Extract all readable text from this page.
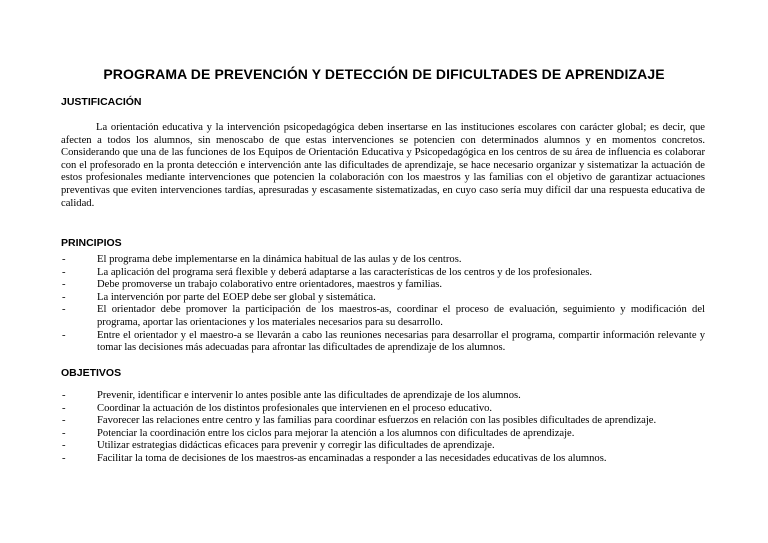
PROGRAMA DE PREVENCIÓN Y DETECCIÓN DE DIFICULTADES DE APRENDIZAJE
JUSTIFICACIÓN

La orientación educativa y la intervención psicopedagógica deben insertarse en las instituciones escolares con carácter global; es decir, que afecten a todos los alumnos, sin menoscabo de que estas intervenciones se potencien con determinados alumnos y en momentos concretos. Considerando que una de las funciones de los Equipos de Orientación Educativa y Psicopedagógica en los centros de su área de influencia es colaborar con el profesorado en la pronta detección e intervención ante las dificultades de aprendizaje, se hace necesario organizar y sistematizar la actuación de estos profesionales mediante intervenciones que potencien la colaboración con los maestros y las familias con el objetivo de garantizar actuaciones preventivas que eviten intervenciones tardías, apresuradas y escasamente sistematizadas, en cuyo caso sería muy difícil dar una respuesta educativa de calidad.

PRINCIPIOS
- El programa debe implementarse en la dinámica habitual de las aulas y de los centros.
- La aplicación del programa será flexible y deberá adaptarse a las características de los centros y de los profesionales.
- Debe promoverse un trabajo colaborativo entre orientadores, maestros y familias.
- La intervención por parte del EOEP debe ser global y sistemática.
- El orientador debe promover la participación de los maestros-as, coordinar el proceso de evaluación, seguimiento y modificación del programa, aportar las orientaciones y los materiales necesarios para su desarrollo.
- Entre el orientador y el maestro-a se llevarán a cabo las reuniones necesarias para desarrollar el programa, compartir información relevante y tomar las decisiones más adecuadas para afrontar las dificultades de aprendizaje de los alumnos.
OBJETIVOS
- Prevenir, identificar e intervenir lo antes posible ante las dificultades de aprendizaje de los alumnos.
- Coordinar la actuación de los distintos profesionales que intervienen en el proceso educativo.
- Favorecer las relaciones entre centro y las familias para coordinar esfuerzos en relación con las posibles dificultades de aprendizaje.
- Potenciar la coordinación entre los ciclos para mejorar la atención a los alumnos con dificultades de aprendizaje.
- Utilizar estrategias didácticas eficaces para prevenir y corregir las dificultades de aprendizaje.
- Facilitar la toma de decisiones de los maestros-as encaminadas a responder a las necesidades educativas de los alumnos.
